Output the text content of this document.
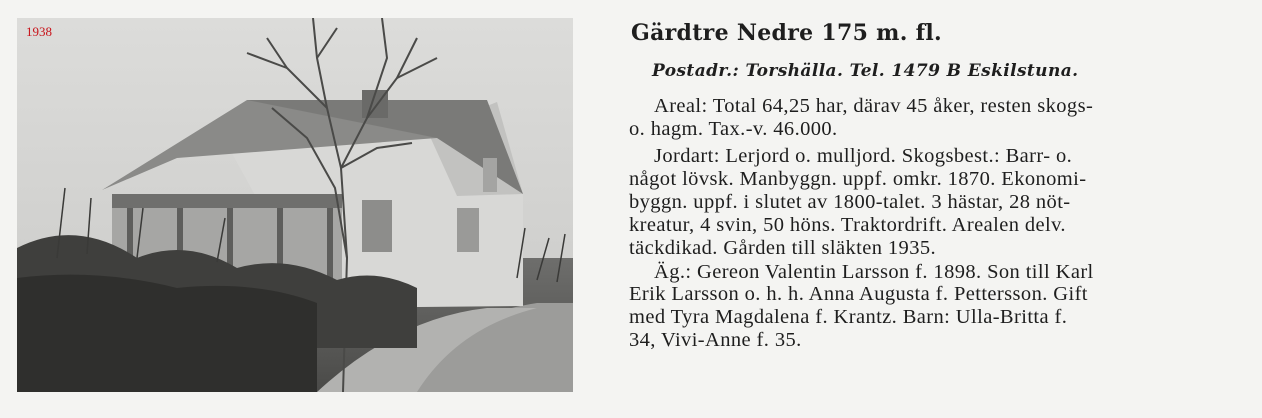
1938	Gärdtre Nedre 175 m. fl.
Postadr.: Torshälla. Tel. 1479 B Eskilstuna.
Areal: Total 64,25 har, därav 45 åker, resten skogs-
o. hagm. Tax.-v. 46.000.
Jordart: Lerjord o. mulljord. Skogsbest.: Barr- o.
något lövsk. Manbyggn. uppf. omkr. 1870. Ekonomi-
byggn. uppf. i slutet av 1800-talet. 3 hästar, 28 nöt-
kreatur, 4 svin, 50 höns. Traktordrift. Arealen delv.
täckdikad. Gården till släkten 1935.
Äg.: Gereon Valentin Larsson f. 1898. Son till Karl
Erik Larsson o. h. h. Anna Augusta f. Pettersson. Gift
med Tyra Magdalena f. Krantz. Barn: Ulla-Britta f.
34, Vivi-Anne f. 35.
